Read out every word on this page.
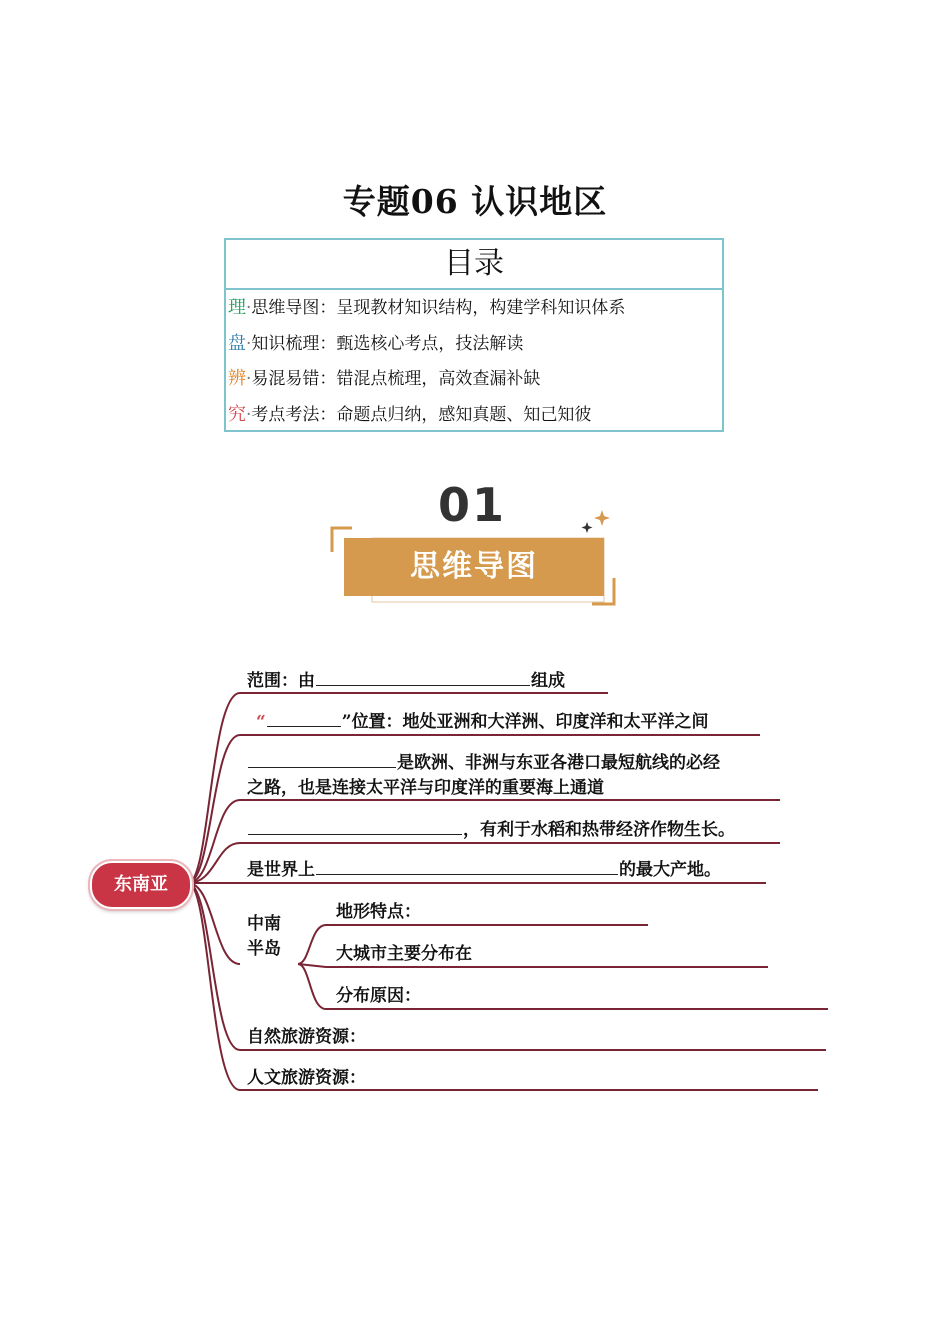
专题06 认识地区
目录
理·思维导图：呈现教材知识结构，构建学科知识体系
盘·知识梳理：甄选核心考点，技法解读
辨·易混易错：错混点梳理，高效查漏补缺
究·考点考法：命题点归纳，感知真题、知己知彼
01
思维导图
东南亚
范围：由	组成
“	”位置：地处亚洲和大洋洲、印度洋和太平洋之间
是欧洲、非洲与东亚各港口最短航线的必经
之路，也是连接太平洋与印度洋的重要海上通道
，有利于水稻和热带经济作物生长。
是世界上	的最大产地。
中南半岛
地形特点：
大城市主要分布在
分布原因：
自然旅游资源：
人文旅游资源：
